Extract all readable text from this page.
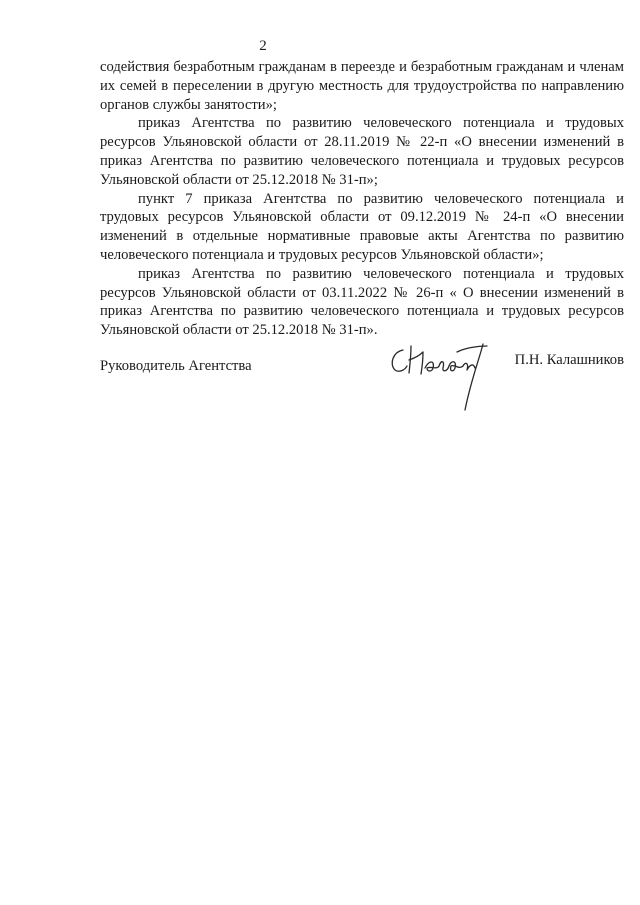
2

содействия безработным гражданам в переезде и безработным гражданам и членам их семей в переселении в другую местность для трудоустройства по направлению органов службы занятости»;

приказ Агентства по развитию человеческого потенциала и трудовых ресурсов Ульяновской области от 28.11.2019 № 22-п «О внесении изменений в приказ Агентства по развитию человеческого потенциала и трудовых ресурсов Ульяновской области от 25.12.2018 № 31-п»;

пункт 7 приказа Агентства по развитию человеческого потенциала и трудовых ресурсов Ульяновской области от 09.12.2019 № 24-п «О внесении изменений в отдельные нормативные правовые акты Агентства по развитию человеческого потенциала и трудовых ресурсов Ульяновской области»;

приказ Агентства по развитию человеческого потенциала и трудовых ресурсов Ульяновской области от 03.11.2022 № 26-п « О внесении изменений в приказ Агентства по развитию человеческого потенциала и трудовых ресурсов Ульяновской области от 25.12.2018 № 31-п».

Руководитель Агентства	П.Н. Калашников
